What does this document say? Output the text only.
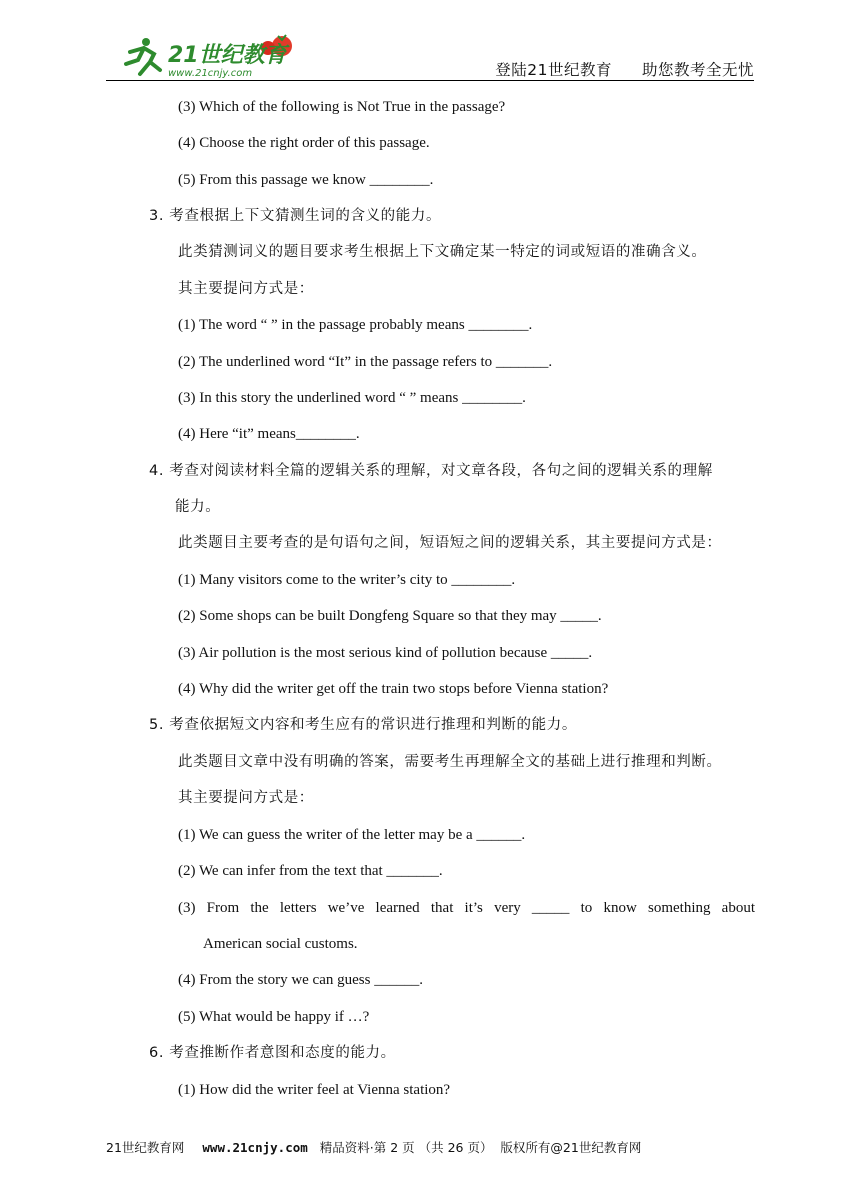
21世纪教育
www.21cnjy.com	登陆21世纪教育 助您教考全无忧
(3) Which of the following is Not True in the passage?
(4) Choose the right order of this passage.
(5) From this passage we know ________.
3. 考查根据上下文猜测生词的含义的能力。
此类猜测词义的题目要求考生根据上下文确定某一特定的词或短语的准确含义。
其主要提问方式是：
(1) The word “ ” in the passage probably means ________.
(2) The underlined word “It” in the passage refers to _______.
(3) In this story the underlined word “ ” means ________.
(4) Here “it” means________.
4. 考查对阅读材料全篇的逻辑关系的理解，对文章各段，各句之间的逻辑关系的理解
能力。
此类题目主要考查的是句语句之间，短语短之间的逻辑关系，其主要提问方式是：
(1) Many visitors come to the writer’s city to ________.
(2) Some shops can be built Dongfeng Square so that they may _____.
(3) Air pollution is the most serious kind of pollution because _____.
(4) Why did the writer get off the train two stops before Vienna station?
5. 考查依据短文内容和考生应有的常识进行推理和判断的能力。
此类题目文章中没有明确的答案，需要考生再理解全文的基础上进行推理和判断。
其主要提问方式是：
(1) We can guess the writer of the letter may be a ______.
(2) We can infer from the text that _______.
(3) From the letters we’ve learned that it’s very _____ to know something about
American social customs.
(4) From the story we can guess ______.
(5) What would be happy if …?
6. 考查推断作者意图和态度的能力。
(1) How did the writer feel at Vienna station?
21世纪教育网 www.21cnjy.com 精品资料·第 2 页 （共 26 页） 版权所有@21世纪教育网
